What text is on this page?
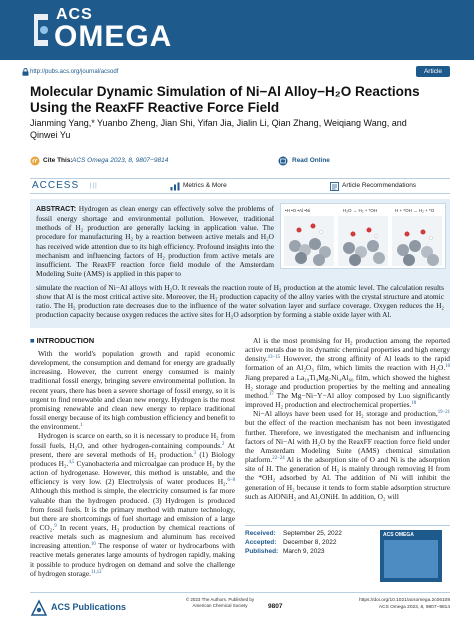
ACS
OMEGA
http://pubs.acs.org/journal/acsodf	Article
Molecular Dynamic Simulation of Ni−Al Alloy−H₂O Reactions Using the ReaxFF Reactive Force Field
Jianming Yang,* Yuanbo Zheng, Jian Shi, Yifan Jia, Jialin Li, Qian Zhang, Weiqiang Wang, and Qinwei Yu
Cite This: ACS Omega 2023, 8, 9807−9814	Read Online
ACCESS |||	Metrics & More	Article Recommendations

ABSTRACT: Hydrogen as clean energy can effectively solve the problems of fossil energy shortage and environmental pollution. However, traditional methods of H₂ production are generally lacking in application value. The procedure for manufacturing H₂ by a reaction between active metals and H₂O has received wide attention due to its high efficiency. Profound insights into the mechanism and influencing factors of H₂ production from active metals are insufficient. The ReaxFF reaction force field module of the Amsterdam Modeling Suite (AMS) is applied in this paper to

•H •O •Al •Ni	H₂O → H₂ + *OH	H + *OH → H₂ + *O

simulate the reaction of Ni−Al alloys with H₂O. It reveals the reaction route of H₂ production at the atomic level. The calculation results show that Al is the most critical active site. Moreover, the H₂ production capacity of the alloy varies with the crystal structure and atomic ratio. The H₂ production rate decreases due to the influence of the water solvation layer and surface coverage. Oxygen reduces the H₂ production capacity because oxygen reduces the active sites for H₂O adsorption by forming a stable oxide layer with Al.

■ INTRODUCTION

With the world's population growth and rapid economic development, the consumption and demand for energy are gradually increasing. However, the current energy consumed is mainly traditional fossil energy, bringing severe environmental pollution. In recent years, there has been a severe shortage of fossil energy, so it is urgent to find renewable and clean new energy. Hydrogen is the most promising renewable and clean new energy to replace traditional fossil energy because of its high combustion efficiency and benefit to the environment.$^1$

Hydrogen is scarce on earth, so it is necessary to produce H₂ from fossil fuels, H₂O, and other hydrogen-containing compounds.$^2$ At present, there are several methods of H₂ production.$^3$ (1) Biology produces H₂.$^{4,5}$ Cyanobacteria and microalgae can produce H₂ by the action of hydrogenase. However, this method is unstable, and the efficiency is very low. (2) Electrolysis of water produces H₂.$^{6-8}$ Although this method is simple, the electricity consumed is far more valuable than the hydrogen produced. (3) Hydrogen is produced from fossil fuels. It is the primary method with mature technology, but there are shortcomings of fuel shortage and emission of a large of CO₂.$^9$ In recent years, H₂ production by chemical reactions of reactive metals such as magnesium and aluminum has received increasing attention.$^{10}$ The response of water or hydrocarbons with reactive metals generates large amounts of hydrogen rapidly, making it possible to produce hydrogen on demand and solve the challenge of hydrogen storage.$^{11,12}$

Al is the most promising for H₂ production among the reported active metals due to its dynamic chemical properties and high energy density.$^{13-15}$ However, the strong affinity of Al leads to the rapid formation of an Al₂O₃ film, which limits the reaction with H₂O.$^{16}$ Jiang prepared a La₁₉Ti₄Mg₇Ni₄Al₆₀ film, which showed the highest H₂ storage and production properties by the melting and annealing method.$^{17}$ The Mg−Ni−Y−Al alloy composed by Luo significantly improved H₂ production and electrochemical properties.$^{18}$

Ni−Al alloys have been used for H₂ storage and production,$^{19-21}$ but the effect of the reaction mechanism has not been investigated further. Therefore, we investigated the mechanism and influencing factors of Ni−Al with H₂O by the ReaxFF reaction force field under the Amsterdam Modeling Suite (AMS) chemical simulation platform.$^{22-24}$ Al is the adsorption site of O and Ni is the adsorption site of H. The generation of H₂ is mainly through removing H from the *OH₂ adsorbed by Al. The addition of Ni will inhibit the generation of H₂ because it tends to form stable adsorption structure such as AlONiH₂ and Al₂ONiH. In addition, O₂ will

Received: September 25, 2022
Accepted: December 8, 2022
Published: March 9, 2023
ACS OMEGA
ACS Publications
© 2023 The Authors. Published by American Chemical Society	9807
https://doi.org/10.1021/acsomega.2c06108
ACS Omega 2023, 8, 9807−9814
